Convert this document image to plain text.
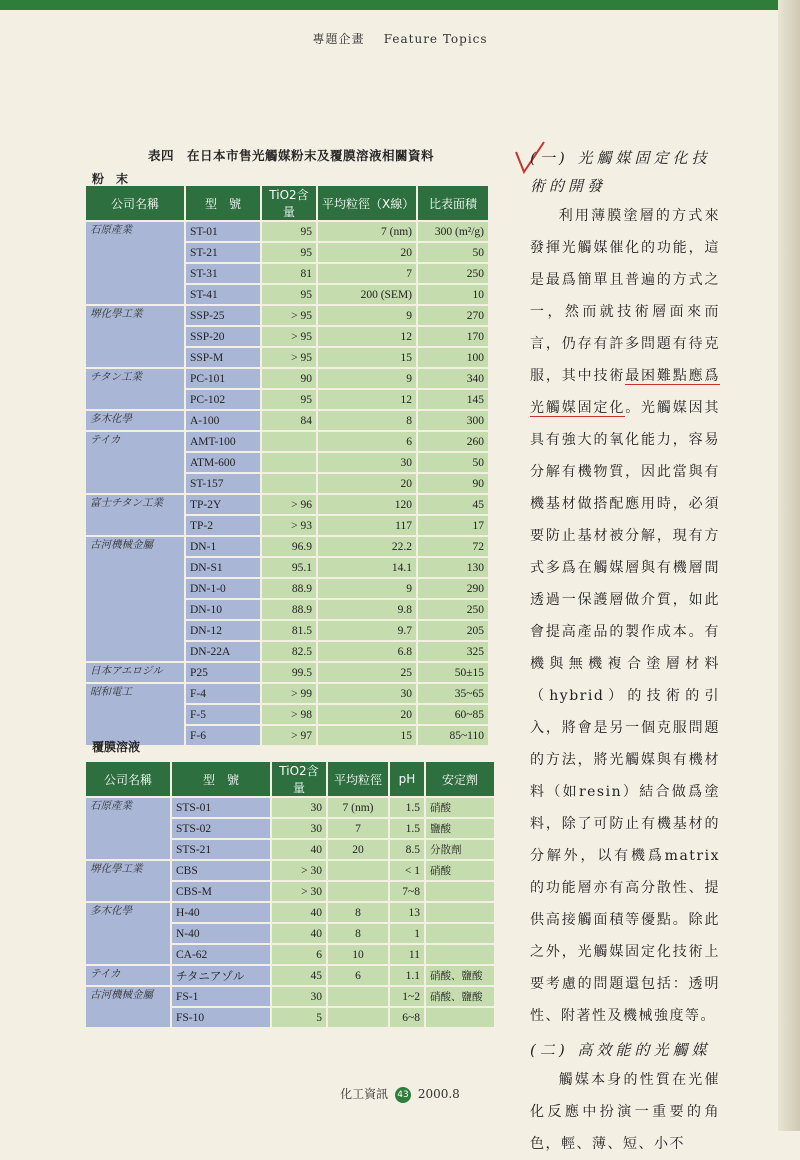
專題企畫 Feature Topics
表四　在日本市售光觸媒粉末及覆膜溶液相關資料
粉　末
公司名稱	型　號	TiO2含量	平均粒徑（X線）	比表面積
石原產業	ST-01	95	7 (nm)	300 (m²/g)
	ST-21	95	20	50
	ST-31	81	7	250
	ST-41	95	200 (SEM)	10
堺化學工業	SSP-25	> 95	9	270
	SSP-20	> 95	12	170
	SSP-M	> 95	15	100
チタン工業	PC-101	90	9	340
	PC-102	95	12	145
多木化學	A-100	84	8	300
テイカ	AMT-100		6	260
	ATM-600		30	50
	ST-157		20	90
富士チタン工業	TP-2Y	> 96	120	45
	TP-2	> 93	117	17
古河機械金屬	DN-1	96.9	22.2	72
	DN-S1	95.1	14.1	130
	DN-1-0	88.9	9	290
	DN-10	88.9	9.8	250
	DN-12	81.5	9.7	205
	DN-22A	82.5	6.8	325
日本アエロジル	P25	99.5	25	50±15
昭和電工	F-4	> 99	30	35~65
	F-5	> 98	20	60~85
	F-6	> 97	15	85~110
覆膜溶液
公司名稱	型　號	TiO2含量	平均粒徑	pH	安定劑
石原產業	STS-01	30	7 (nm)	1.5	硝酸
	STS-02	30	7	1.5	鹽酸
	STS-21	40	20	8.5	分散劑
堺化學工業	CBS	> 30		< 1	硝酸
	CBS-M	> 30		7~8	
多木化學	H-40	40	8	13	
	N-40	40	8	1	
	CA-62	6	10	11	
テイカ	チタニアゾル	45	6	1.1	硝酸、鹽酸
古河機械金屬	FS-1	30		1~2	硝酸、鹽酸
	FS-10	5		6~8	
(一) 光觸媒固定化技術的開發

利用薄膜塗層的方式來發揮光觸媒催化的功能，這是最爲簡單且普遍的方式之一，然而就技術層面來而言，仍存有許多問題有待克服，其中技術最困難點應爲光觸媒固定化。光觸媒因其具有強大的氧化能力，容易分解有機物質，因此當與有機基材做搭配應用時，必須要防止基材被分解，現有方式多爲在觸媒層與有機層間透過一保護層做介質，如此會提高產品的製作成本。有機與無機複合塗層材料（hybrid）的技術的引入，將會是另一個克服問題的方法，將光觸媒與有機材料（如resin）結合做爲塗料，除了可防止有機基材的分解外，以有機爲matrix的功能層亦有高分散性、提供高接觸面積等優點。除此之外，光觸媒固定化技術上要考慮的問題還包括：透明性、附著性及機械強度等。

(二) 高效能的光觸媒

觸媒本身的性質在光催化反應中扮演一重要的角色，輕、薄、短、小不

化工資訊 43 2000.8
